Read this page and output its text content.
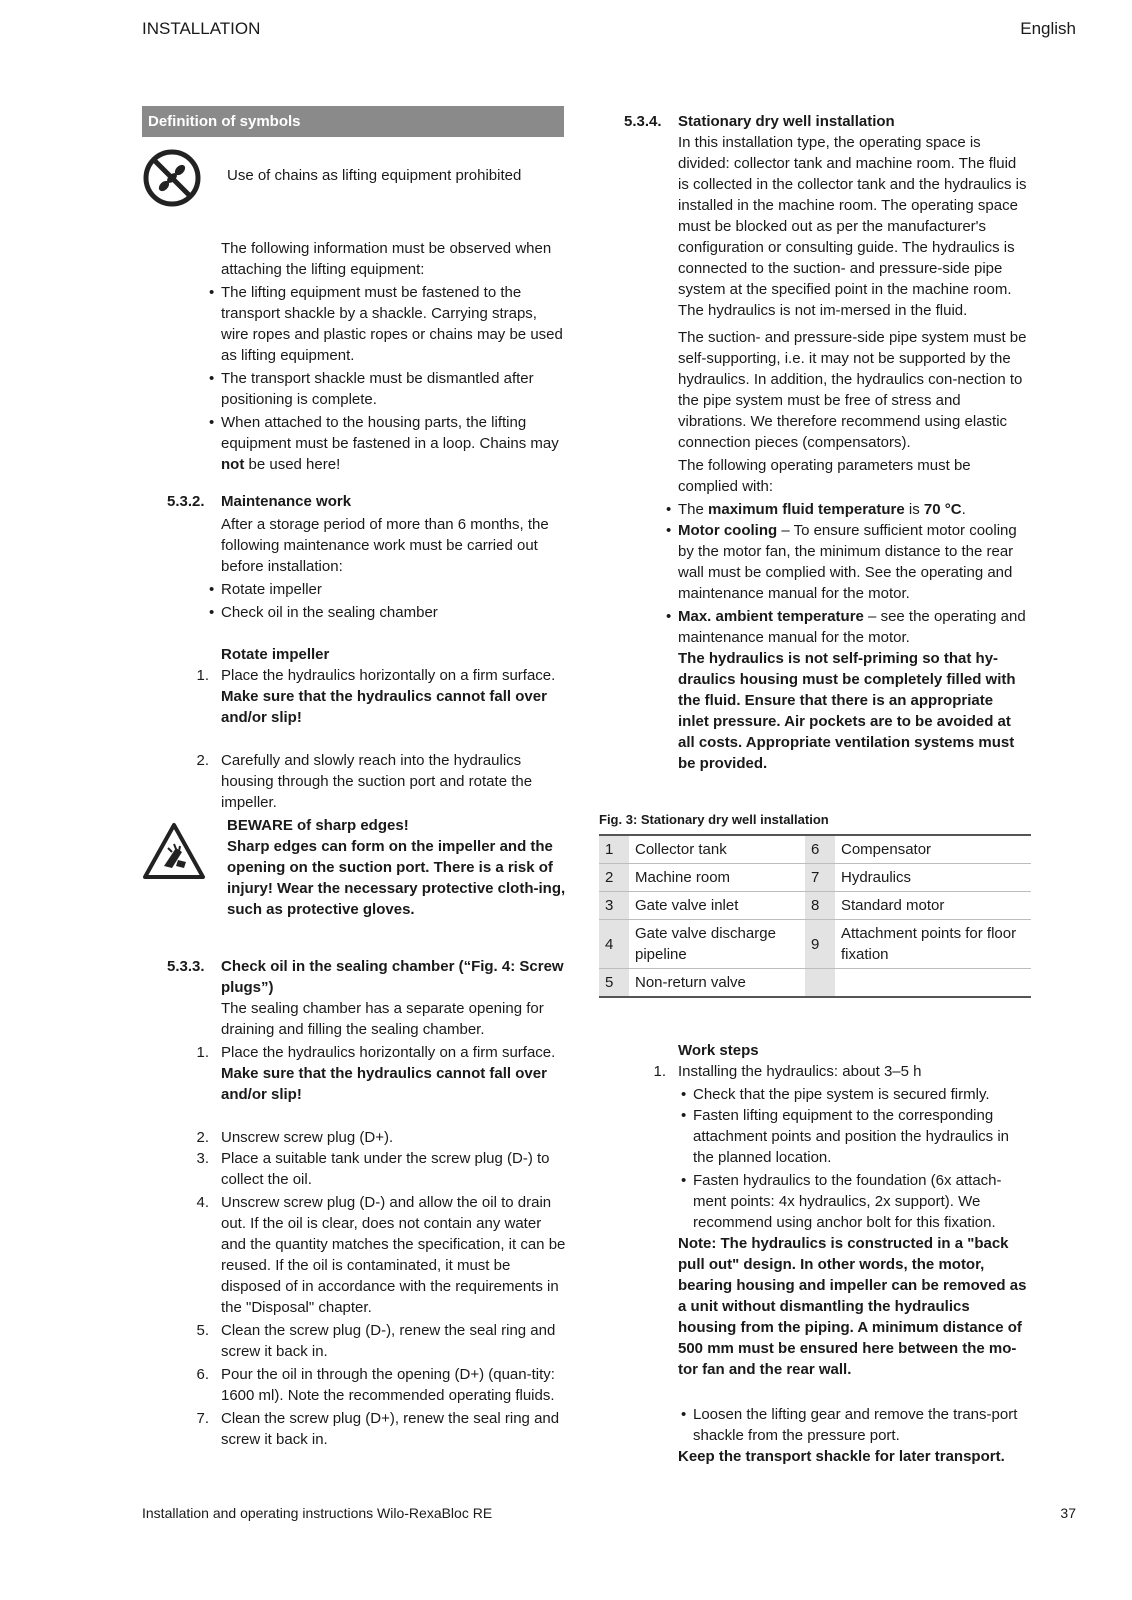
INSTALLATION	English
Definition of symbols
Use of chains as lifting equipment prohibited

The following information must be observed when attaching the lifting equipment:

• The lifting equipment must be fastened to the transport shackle by a shackle. Carrying straps, wire ropes and plastic ropes or chains may be used as lifting equipment.

• The transport shackle must be dismantled after positioning is complete.

• When attached to the housing parts, the lifting equipment must be fastened in a loop. Chains may not be used here!

5.3.2. Maintenance work

After a storage period of more than 6 months, the following maintenance work must be carried out before installation:

• Rotate impeller

• Check oil in the sealing chamber

Rotate impeller

1. Place the hydraulics horizontally on a firm surface.

Make sure that the hydraulics cannot fall over and/or slip!

2. Carefully and slowly reach into the hydraulics housing through the suction port and rotate the impeller.

BEWARE of sharp edges!

Sharp edges can form on the impeller and the opening on the suction port. There is a risk of injury! Wear the necessary protective cloth-ing, such as protective gloves.

5.3.3. Check oil in the sealing chamber (“Fig. 4: Screw plugs”)

The sealing chamber has a separate opening for draining and filling the sealing chamber.

1. Place the hydraulics horizontally on a firm surface.

Make sure that the hydraulics cannot fall over and/or slip!

2. Unscrew screw plug (D+).

3. Place a suitable tank under the screw plug (D-) to collect the oil.

4. Unscrew screw plug (D-) and allow the oil to drain out. If the oil is clear, does not contain any water and the quantity matches the specification, it can be reused. If the oil is contaminated, it must be disposed of in accordance with the requirements in the "Disposal" chapter.

5. Clean the screw plug (D-), renew the seal ring and screw it back in.

6. Pour the oil in through the opening (D+) (quan-tity: 1600 ml). Note the recommended operating fluids.

7. Clean the screw plug (D+), renew the seal ring and screw it back in.

5.3.4. Stationary dry well installation

In this installation type, the operating space is divided: collector tank and machine room. The fluid is collected in the collector tank and the hydraulics is installed in the machine room. The operating space must be blocked out as per the manufacturer's configuration or consulting guide. The hydraulics is connected to the suction- and pressure-side pipe system at the specified point in the machine room. The hydraulics is not im-mersed in the fluid.

The suction- and pressure-side pipe system must be self-supporting, i.e. it may not be supported by the hydraulics. In addition, the hydraulics con-nection to the pipe system must be free of stress and vibrations. We therefore recommend using elastic connection pieces (compensators).

The following operating parameters must be complied with:

• The maximum fluid temperature is 70 °C.

• Motor cooling – To ensure sufficient motor cooling by the motor fan, the minimum distance to the rear wall must be complied with. See the operating and maintenance manual for the motor.

• Max. ambient temperature – see the operating and maintenance manual for the motor.

The hydraulics is not self-priming so that hy-draulics housing must be completely filled with the fluid. Ensure that there is an appropriate inlet pressure. Air pockets are to be avoided at all costs. Appropriate ventilation systems must be provided.

Fig. 3: Stationary dry well installation
1	Collector tank	6	Compensator
2	Machine room	7	Hydraulics
3	Gate valve inlet	8	Standard motor
4	Gate valve discharge pipeline	9	Attachment points for floor fixation
5	Non-return valve		

Work steps

1. Installing the hydraulics: about 3–5 h

• Check that the pipe system is secured firmly.

• Fasten lifting equipment to the corresponding attachment points and position the hydraulics in the planned location.

• Fasten hydraulics to the foundation (6x attach-ment points: 4x hydraulics, 2x support). We recommend using anchor bolt for this fixation.

Note: The hydraulics is constructed in a "back pull out" design. In other words, the motor, bearing housing and impeller can be removed as a unit without dismantling the hydraulics housing from the piping. A minimum distance of 500 mm must be ensured here between the mo-tor fan and the rear wall.

• Loosen the lifting gear and remove the trans-port shackle from the pressure port.

Keep the transport shackle for later transport.

Installation and operating instructions Wilo-RexaBloc RE	37
